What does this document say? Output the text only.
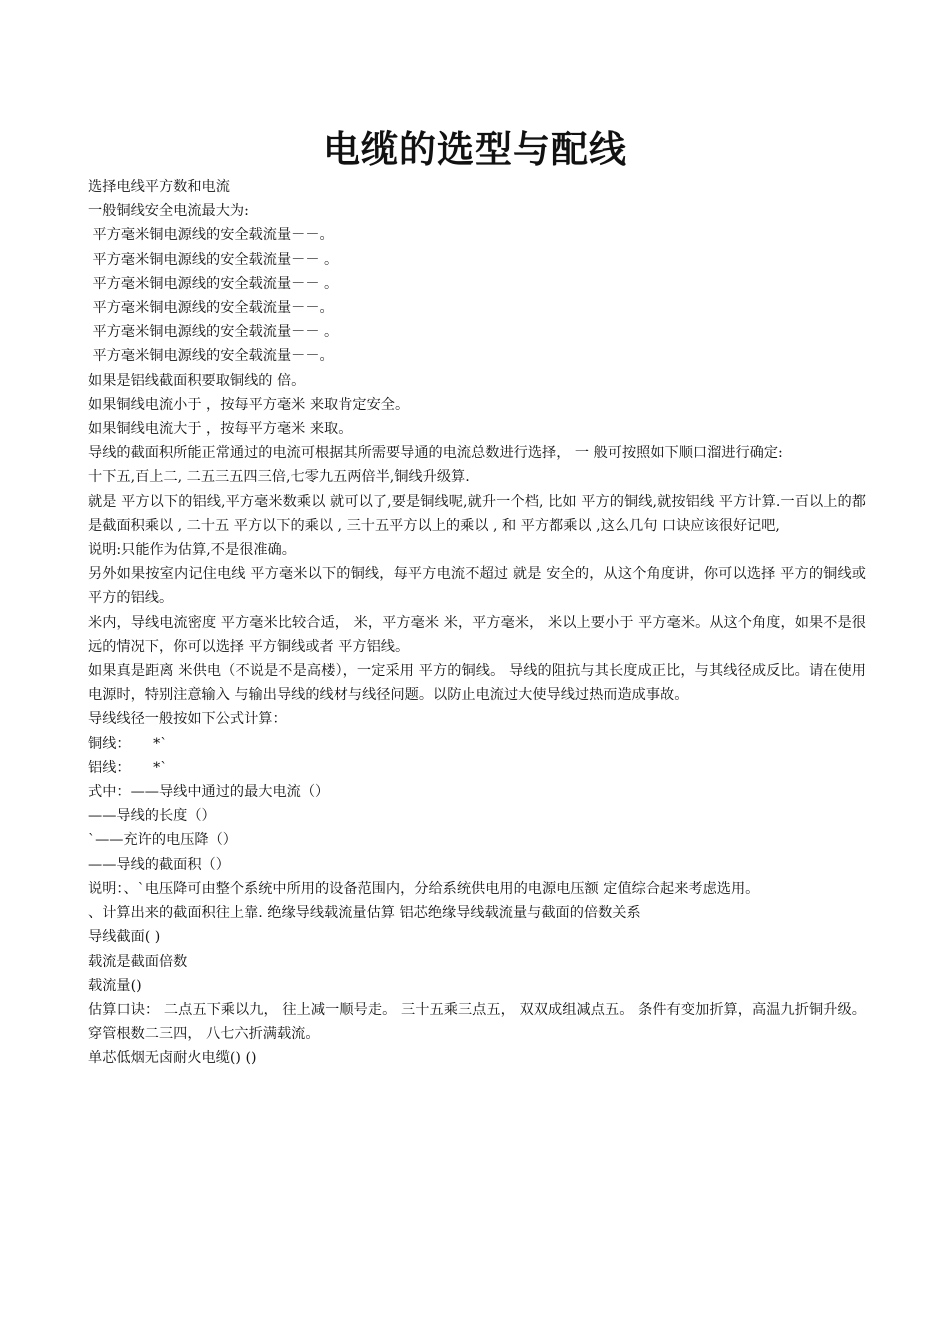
电缆的选型与配线

选择电线平方数和电流

一般铜线安全电流最大为:

平方毫米铜电源线的安全载流量－－。

平方毫米铜电源线的安全载流量－－ 。

平方毫米铜电源线的安全载流量－－ 。

平方毫米铜电源线的安全载流量－－。

平方毫米铜电源线的安全载流量－－ 。

平方毫米铜电源线的安全载流量－－。

如果是铝线截面积要取铜线的 倍。

如果铜线电流小于 ，按每平方毫米 来取肯定安全。

如果铜线电流大于 ，按每平方毫米 来取。

导线的截面积所能正常通过的电流可根据其所需要导通的电流总数进行选择， 一 般可按照如下顺口溜进行确定:

十下五,百上二, 二五三五四三倍,七零九五两倍半,铜线升级算.

就是 平方以下的铝线,平方毫米数乘以 就可以了,要是铜线呢,就升一个档, 比如 平方的铜线,就按铝线 平方计算.一百以上的都是截面积乘以 , 二十五 平方以下的乘以 , 三十五平方以上的乘以 , 和 平方都乘以 ,这么几句 口诀应该很好记吧,

说明:只能作为估算,不是很准确。

另外如果按室内记住电线 平方毫米以下的铜线，每平方电流不超过 就是 安全的，从这个角度讲，你可以选择 平方的铜线或 平方的铝线。

米内，导线电流密度 平方毫米比较合适， 米，平方毫米 米，平方毫米， 米以上要小于 平方毫米。从这个角度，如果不是很 远的情况下，你可以选择 平方铜线或者 平方铝线。

如果真是距离 米供电（不说是不是高楼），一定采用 平方的铜线。 导线的阻抗与其长度成正比，与其线径成反比。请在使用电源时，特别注意输入 与输出导线的线材与线径问题。以防止电流过大使导线过热而造成事故。

导线线径一般按如下公式计算：

铜线：     *`

铝线：     *`

式中：——导线中通过的最大电流（）

——导线的长度（）

`——充许的电压降（）

——导线的截面积（）

说明：、`电压降可由整个系统中所用的设备范围内，分给系统供电用的电源电压额 定值综合起来考虑选用。

、计算出来的截面积往上靠. 绝缘导线载流量估算 铝芯绝缘导线载流量与截面的倍数关系

导线截面( )

载流是截面倍数

载流量()

估算口诀： 二点五下乘以九， 往上减一顺号走。 三十五乘三点五， 双双成组减点五。 条件有变加折算，高温九折铜升级。 穿管根数二三四， 八七六折满载流。

单芯低烟无卤耐火电缆() ()
